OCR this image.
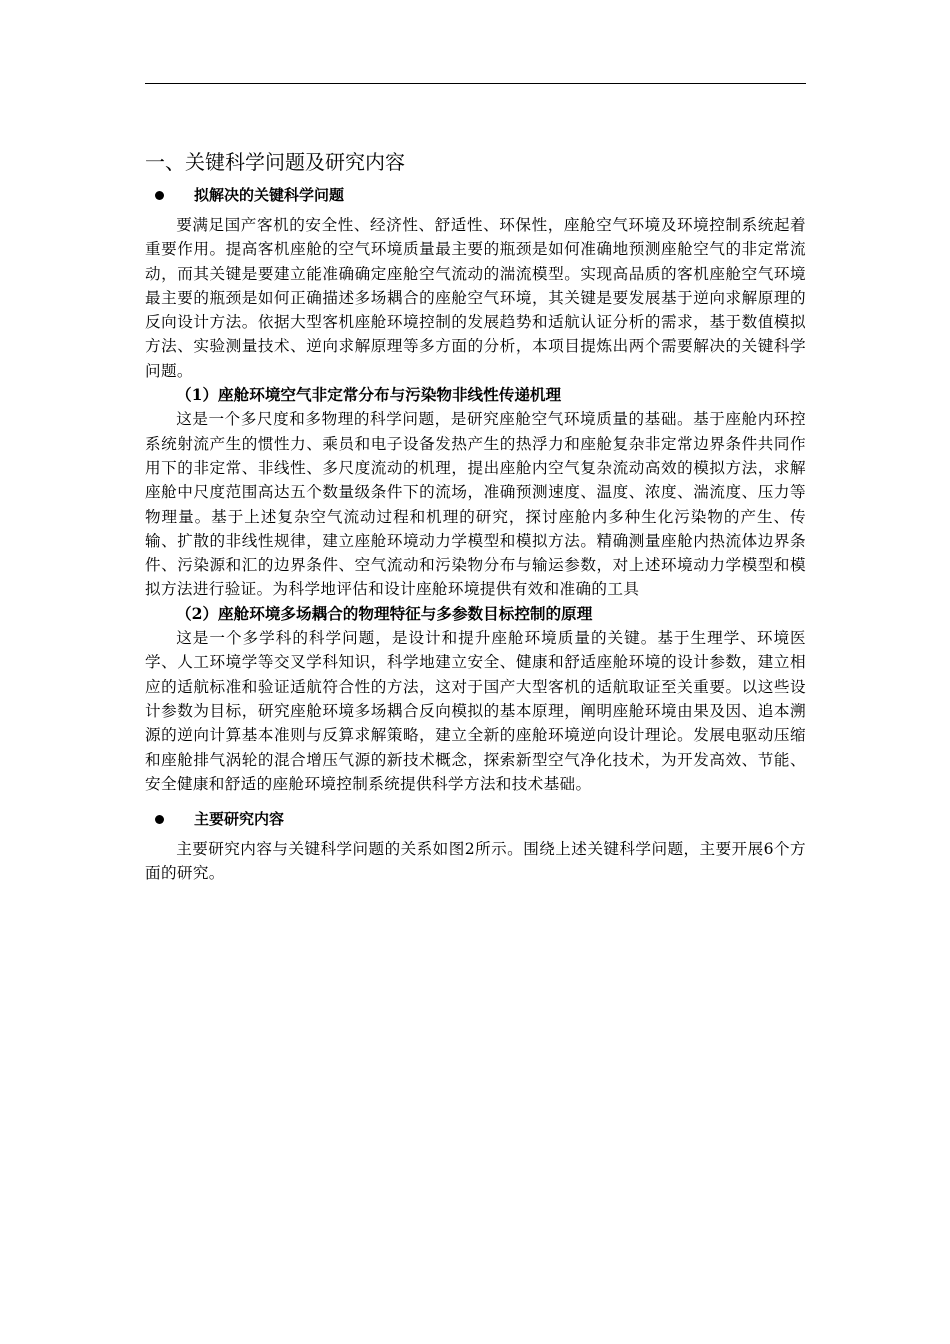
一、关键科学问题及研究内容
拟解决的关键科学问题

要满足国产客机的安全性、经济性、舒适性、环保性，座舱空气环境及环境控制系统起着重要作用。提高客机座舱的空气环境质量最主要的瓶颈是如何准确地预测座舱空气的非定常流动，而其关键是要建立能准确确定座舱空气流动的湍流模型。实现高品质的客机座舱空气环境最主要的瓶颈是如何正确描述多场耦合的座舱空气环境，其关键是要发展基于逆向求解原理的反向设计方法。依据大型客机座舱环境控制的发展趋势和适航认证分析的需求，基于数值模拟方法、实验测量技术、逆向求解原理等多方面的分析，本项目提炼出两个需要解决的关键科学问题。

（1）座舱环境空气非定常分布与污染物非线性传递机理

这是一个多尺度和多物理的科学问题，是研究座舱空气环境质量的基础。基于座舱内环控系统射流产生的惯性力、乘员和电子设备发热产生的热浮力和座舱复杂非定常边界条件共同作用下的非定常、非线性、多尺度流动的机理，提出座舱内空气复杂流动高效的模拟方法，求解座舱中尺度范围高达五个数量级条件下的流场，准确预测速度、温度、浓度、湍流度、压力等物理量。基于上述复杂空气流动过程和机理的研究，探讨座舱内多种生化污染物的产生、传输、扩散的非线性规律，建立座舱环境动力学模型和模拟方法。精确测量座舱内热流体边界条件、污染源和汇的边界条件、空气流动和污染物分布与输运参数，对上述环境动力学模型和模拟方法进行验证。为科学地评估和设计座舱环境提供有效和准确的工具

（2）座舱环境多场耦合的物理特征与多参数目标控制的原理

这是一个多学科的科学问题，是设计和提升座舱环境质量的关键。基于生理学、环境医学、人工环境学等交叉学科知识，科学地建立安全、健康和舒适座舱环境的设计参数，建立相应的适航标准和验证适航符合性的方法，这对于国产大型客机的适航取证至关重要。以这些设计参数为目标，研究座舱环境多场耦合反向模拟的基本原理，阐明座舱环境由果及因、追本溯源的逆向计算基本准则与反算求解策略，建立全新的座舱环境逆向设计理论。发展电驱动压缩和座舱排气涡轮的混合增压气源的新技术概念，探索新型空气净化技术，为开发高效、节能、安全健康和舒适的座舱环境控制系统提供科学方法和技术基础。

主要研究内容

主要研究内容与关键科学问题的关系如图2所示。围绕上述关键科学问题，主要开展6个方面的研究。
